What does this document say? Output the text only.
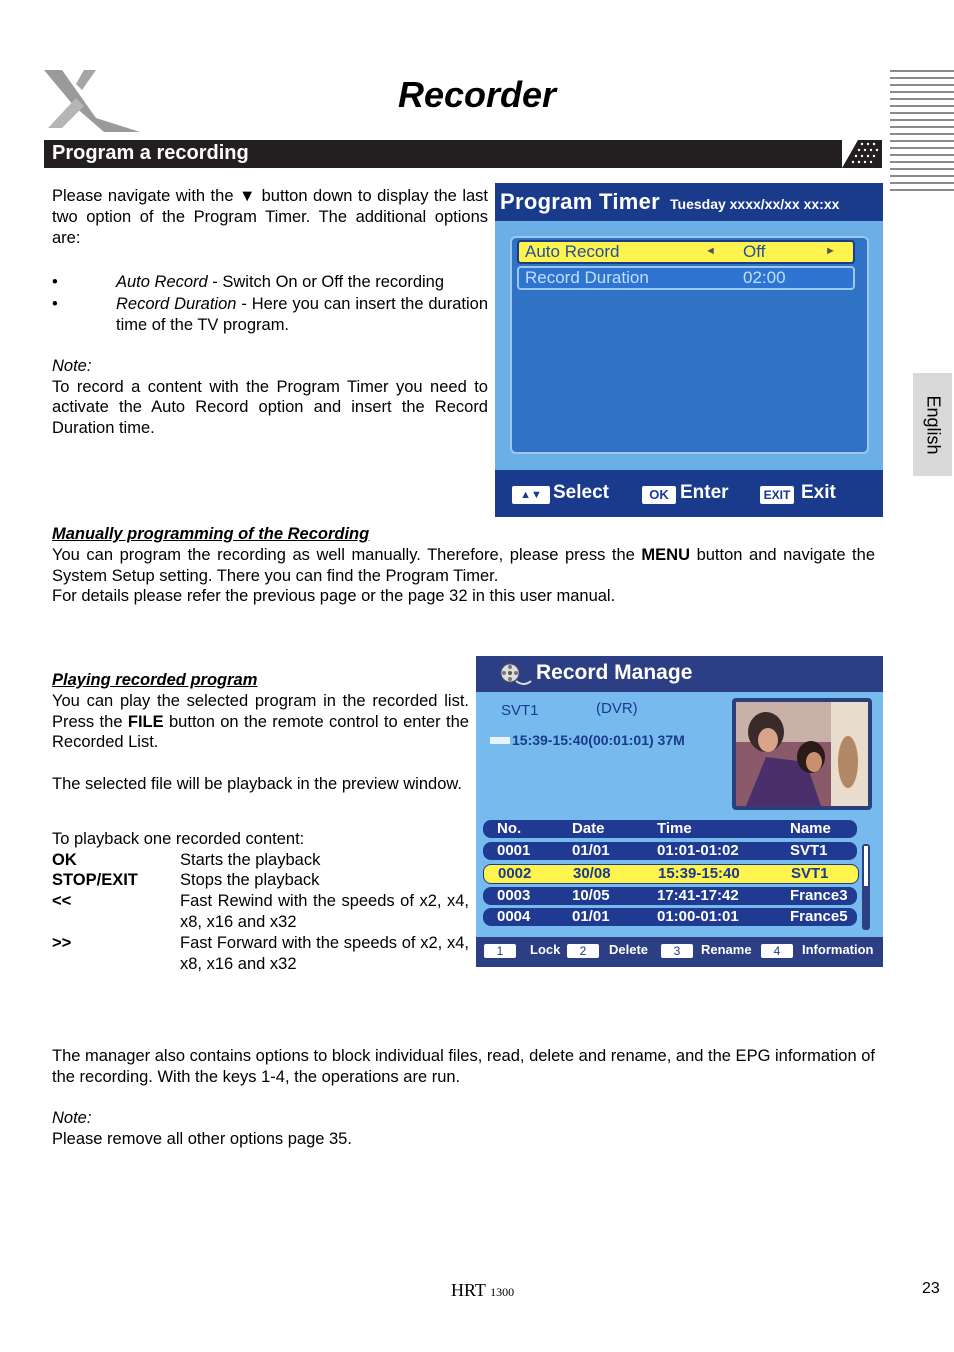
Recorder
Program a recording
English

Please navigate with the ▼ button down to display the last two option of the Program Timer. The additional options are:

•	Auto Record - Switch On or Off the recording

•	Record Duration - Here you can insert the duration time of the TV program.

Note:

To record a content with the Program Timer you need to activate the Auto Record option and insert the Record Duration time.

Program Timer Tuesday xxxx/xx/xx xx:xx
Auto Record	◄ Off	►
Record Duration	02:00
▲▼ Select	OK Enter	EXIT Exit

Manually programming of the Recording

You can program the recording as well manually. Therefore, please press the MENU button and navigate the System Setup setting. There you can find the Program Timer.

For details please refer the previous page or the page 32 in this user manual.

Playing recorded program

You can play the selected program in the recorded list. Press the FILE button on the remote control to enter the Recorded List.

The selected file will be playback in the preview window.

To playback one recorded content:

OK	Starts the playback

STOP/EXIT	Stops the playback

<<	Fast Rewind with the speeds of x2, x4, x8, x16 and x32

>>	Fast Forward with the speeds of x2, x4, x8, x16 and x32

Record Manage
SVT1	(DVR)
15:39-15:40(00:01:01) 37M
No.	Date	Time	Name
0001	01/01	01:01-01:02	SVT1
0002	30/08	15:39-15:40	SVT1
0003	10/05	17:41-17:42	France3
0004	01/01	01:00-01:01	France5
1	Lock	2	Delete	3	Rename	4	Information

The manager also contains options to block individual files, read, delete and rename, and the EPG information of the recording. With the keys 1-4, the operations are run.

Note:

Please remove all other options page 35.

HRT 1300	23
